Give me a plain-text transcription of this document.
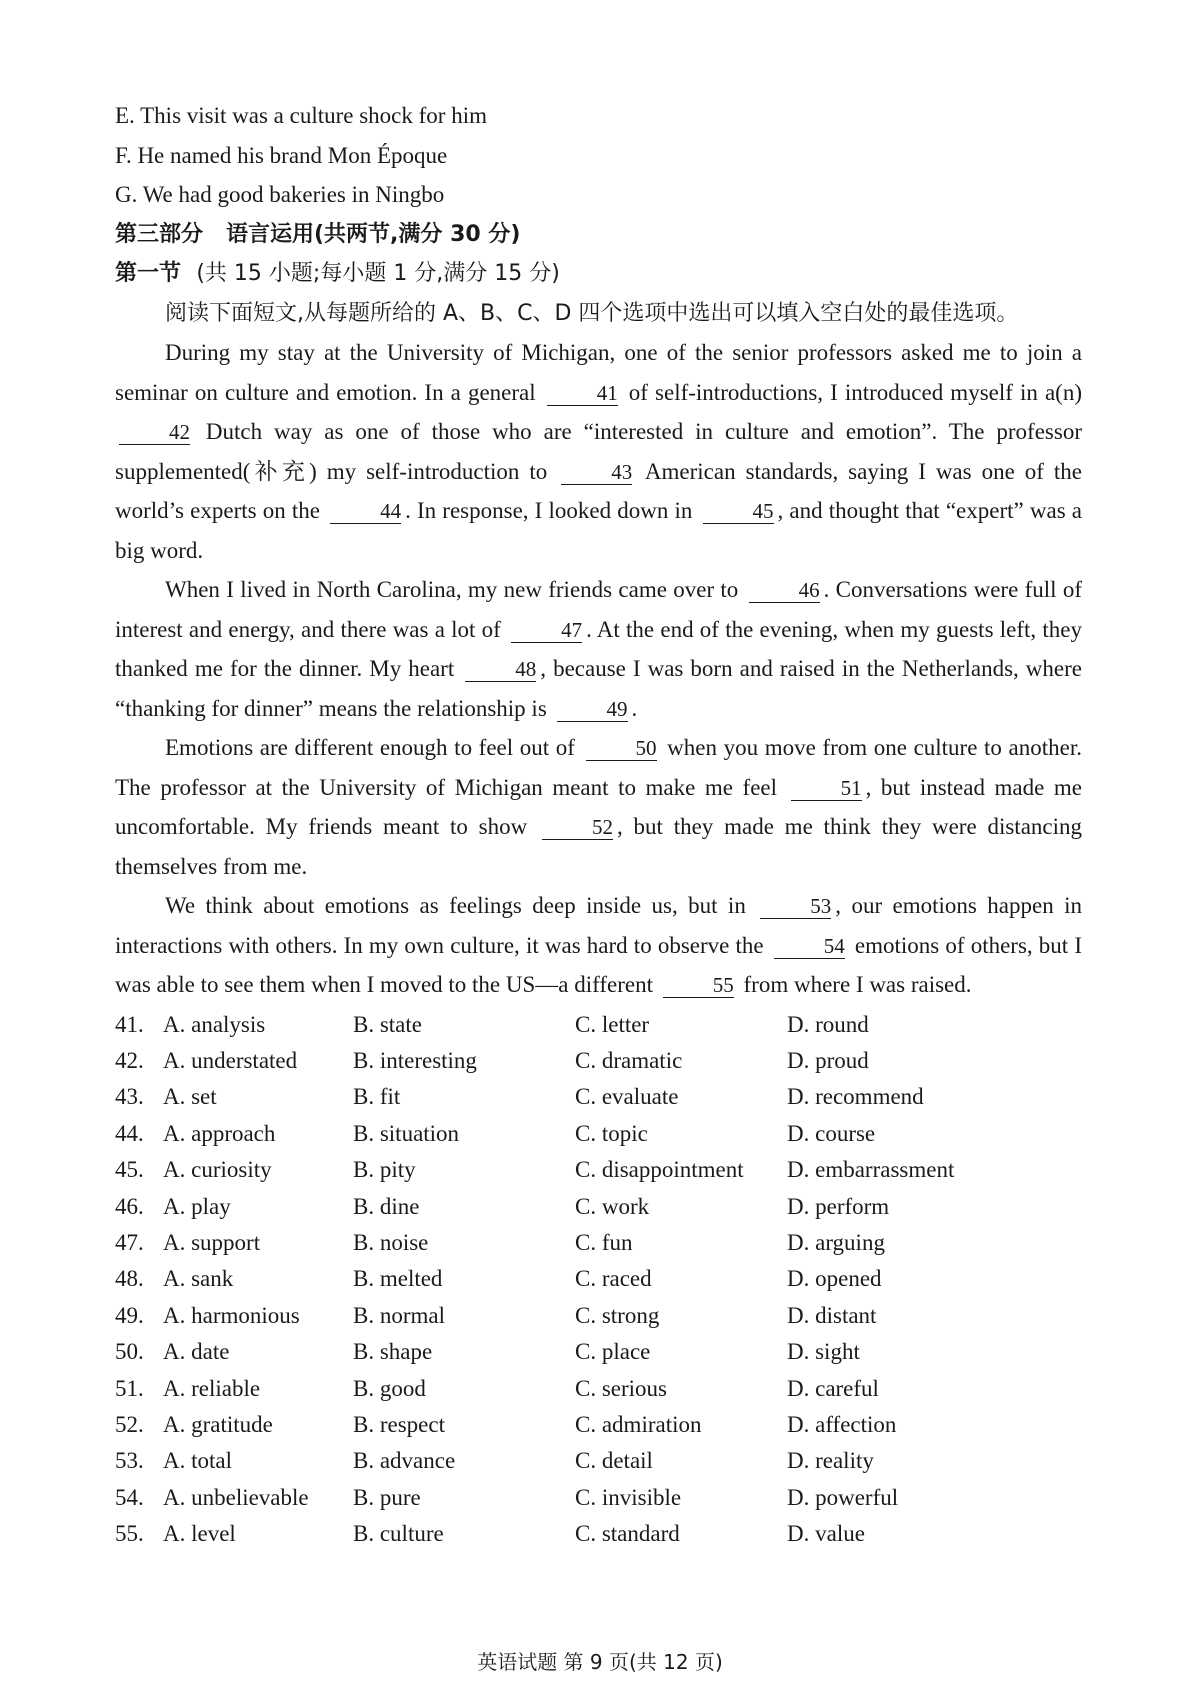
E. This visit was a culture shock for him
F. He named his brand Mon Époque
G. We had good bakeries in Ningbo
第三部分 语言运用(共两节,满分 30 分)
第一节 (共 15 小题;每小题 1 分,满分 15 分)
阅读下面短文,从每题所给的 A、B、C、D 四个选项中选出可以填入空白处的最佳选项。
During my stay at the University of Michigan, one of the senior professors asked me to join a seminar on culture and emotion. In a general	41 of self-introductions, I introduced myself in a(n) 42 Dutch way as one of those who are “interested in culture and emotion”. The professor supplemented(补充) my self-introduction to	43 American standards, saying I was one of the world’s experts on the	44 . In response, I looked down in	45 , and thought that “expert” was a big word.
When I lived in North Carolina, my new friends came over to	46 . Conversations were full of interest and energy, and there was a lot of	47 . At the end of the evening, when my guests left, they thanked me for the dinner. My heart	48 , because I was born and raised in the Netherlands, where “thanking for dinner” means the relationship is	49 .
Emotions are different enough to feel out of	50 when you move from one culture to another. The professor at the University of Michigan meant to make me feel	51 , but instead made me uncomfortable. My friends meant to show	52 , but they made me think they were distancing themselves from me.
We think about emotions as feelings deep inside us, but in	53 , our emotions happen in interactions with others. In my own culture, it was hard to observe the	54 emotions of others, but I was able to see them when I moved to the US—a different	55 from where I was raised.
41. A. analysis	B. state	C. letter	D. round
42. A. understated	B. interesting	C. dramatic	D. proud
43. A. set	B. fit	C. evaluate	D. recommend
44. A. approach	B. situation	C. topic	D. course
45. A. curiosity	B. pity	C. disappointment	D. embarrassment
46. A. play	B. dine	C. work	D. perform
47. A. support	B. noise	C. fun	D. arguing
48. A. sank	B. melted	C. raced	D. opened
49. A. harmonious	B. normal	C. strong	D. distant
50. A. date	B. shape	C. place	D. sight
51. A. reliable	B. good	C. serious	D. careful
52. A. gratitude	B. respect	C. admiration	D. affection
53. A. total	B. advance	C. detail	D. reality
54. A. unbelievable	B. pure	C. invisible	D. powerful
55. A. level	B. culture	C. standard	D. value
英语试题 第 9 页(共 12 页)
